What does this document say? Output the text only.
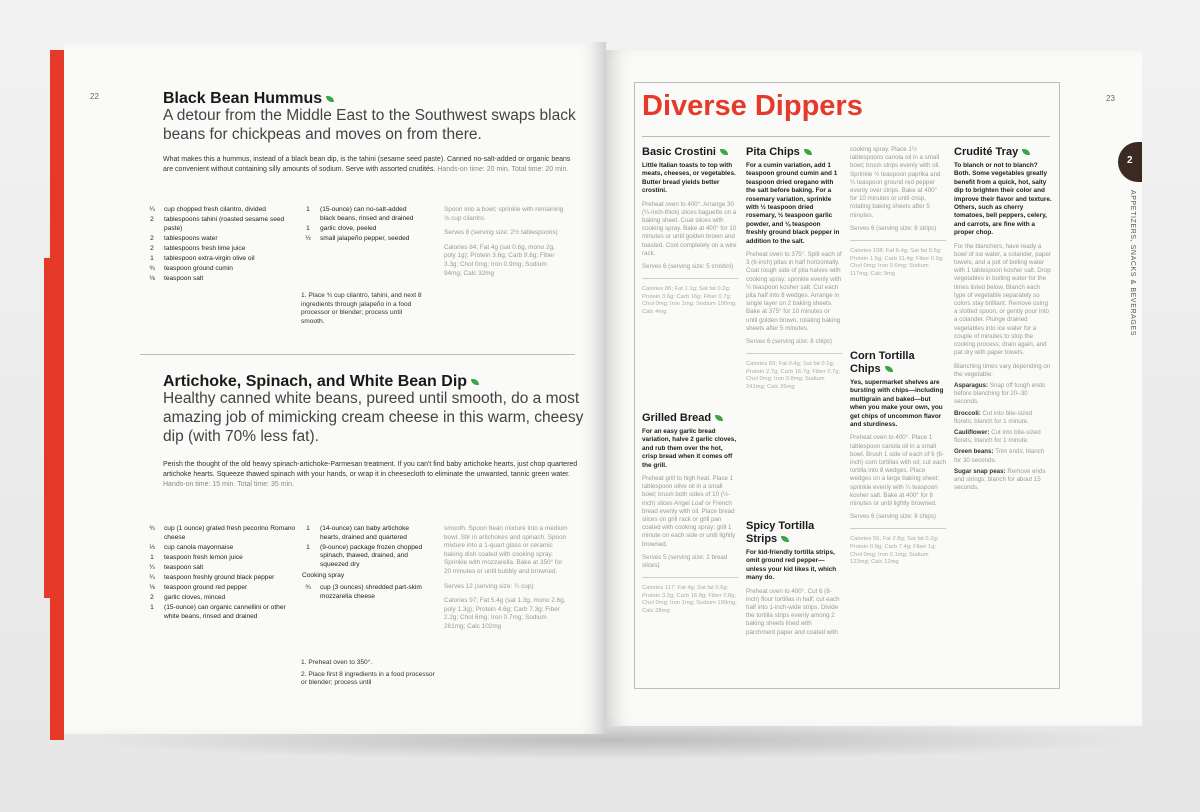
22	Black Bean Hummus
A detour from the Middle East to the Southwest swaps black beans for chickpeas and moves on from there.
What makes this a hummus, instead of a black bean dip, is the tahini (sesame seed paste). Canned no-salt-added or organic beans are convenient without containing silly amounts of sodium. Serve with assorted crudités. Hands-on time: 20 min. Total time: 20 min.
¼	cup chopped fresh cilantro, divided
2	tablespoons tahini (roasted sesame seed paste)
2	tablespoons water
2	tablespoons fresh lime juice
1	tablespoon extra-virgin olive oil
¾	teaspoon ground cumin
⅛	teaspoon salt
1	(15-ounce) can no-salt-added black beans, rinsed and drained
1	garlic clove, peeled
½	small jalapeño pepper, seeded
1. Place ¾ cup cilantro, tahini, and next 8 ingredients through jalapeño in a food processor or blender; process until smooth.

Spoon into a bowl; sprinkle with remaining ⅛ cup cilantro.

Serves 8 (serving size: 2½ tablespoons)

Calories 84; Fat 4g (sat 0.6g, mono 2g, poly 1g); Protein 3.6g; Carb 9.6g; Fiber 3.3g; Chol 0mg; Iron 0.9mg; Sodium 94mg; Calc 32mg

Artichoke, Spinach, and White Bean Dip
Healthy canned white beans, pureed until smooth, do a most amazing job of mimicking cream cheese in this warm, cheesy dip (with 70% less fat).
Perish the thought of the old heavy spinach-artichoke-Parmesan treatment. If you can't find baby artichoke hearts, just chop quartered artichoke hearts. Squeeze thawed spinach with your hands, or wrap it in cheesecloth to eliminate the unwanted, tannic green water. Hands-on time: 15 min. Total time: 35 min.
¾	cup (1 ounce) grated fresh pecorino Romano cheese
⅓	cup canola mayonnaise
1	teaspoon fresh lemon juice
¼	teaspoon salt
¼	teaspoon freshly ground black pepper
⅛	teaspoon ground red pepper
2	garlic cloves, minced
1	(15-ounce) can organic cannellini or other white beans, rinsed and drained
1	(14-ounce) can baby artichoke hearts, drained and quartered
1	(9-ounce) package frozen chopped spinach, thawed, drained, and squeezed dry
Cooking spray
¾	cup (3 ounces) shredded part-skim mozzarella cheese
1. Preheat oven to 350°.
2. Place first 8 ingredients in a food processor or blender; process until

smooth. Spoon bean mixture into a medium bowl. Stir in artichokes and spinach. Spoon mixture into a 1-quart glass or ceramic baking dish coated with cooking spray. Sprinkle with mozzarella. Bake at 350° for 20 minutes or until bubbly and browned.

Serves 12 (serving size: ¼ cup)

Calories 97; Fat 5.4g (sat 1.3g, mono 2.6g, poly 1.3g); Protein 4.6g; Carb 7.3g; Fiber 2.2g; Chol 6mg; Iron 0.7mg; Sodium 261mg; Calc 102mg

23
Diverse Dippers
Basic Crostini
Little Italian toasts to top with meats, cheeses, or vegetables. Butter bread yields better crostini.
Preheat oven to 400°. Arrange 30 (¼-inch-thick) slices baguette on a baking sheet. Coat slices with cooking spray. Bake at 400° for 10 minutes or until golden brown and toasted. Cool completely on a wire rack.
Serves 6 (serving size: 5 crostini)
Calories 86; Fat 1.1g; Sat fat 0.2g; Protein 3.6g; Carb 16g; Fiber 0.7g; Chol 0mg; Iron 1mg; Sodium 190mg; Calc 4mg
Grilled Bread
For an easy garlic bread variation, halve 2 garlic cloves, and rub them over the hot, crisp bread when it comes off the grill.
Preheat grill to high heat. Place 1 tablespoon olive oil in a small bowl; brush both sides of 10 (½-inch) slices Angel Loaf or French bread evenly with oil. Place bread slices on grill rack or grill pan coated with cooking spray; grill 1 minute on each side or until lightly browned.
Serves 5 (serving size: 2 bread slices)
Calories 117; Fat 4g; Sat fat 0.6g; Protein 3.2g; Carb 16.8g; Fiber 0.8g; Chol 0mg; Iron 1mg; Sodium 199mg; Calc 28mg
Pita Chips
For a cumin variation, add 1 teaspoon ground cumin and 1 teaspoon dried oregano with the salt before baking. For a rosemary variation, sprinkle with ½ teaspoon dried rosemary, ½ teaspoon garlic powder, and ⅛ teaspoon freshly ground black pepper in addition to the salt.
Preheat oven to 375°. Split each of 3 (6-inch) pitas in half horizontally. Coat rough side of pita halves with cooking spray; sprinkle evenly with ¼ teaspoon kosher salt. Cut each pita half into 8 wedges. Arrange in single layer on 2 baking sheets. Bake at 375° for 10 minutes or until golden brown, rotating baking sheets after 5 minutes.
Serves 6 (serving size: 8 chips)
Calories 83; Fat 0.4g; Sat fat 0.1g; Protein 2.7g; Carb 16.7g; Fiber 0.7g; Chol 0mg; Iron 0.8mg; Sodium 241mg; Calc 26mg
Spicy Tortilla Strips
For kid-friendly tortilla strips, omit ground red pepper—unless your kid likes it, which many do.
Preheat oven to 400°. Cut 6 (8-inch) flour tortillas in half; cut each half into 1-inch-wide strips. Divide the tortilla strips evenly among 2 baking sheets lined with parchment paper and coated with
cooking spray. Place 1½ tablespoons canola oil in a small bowl; brush strips evenly with oil. Sprinkle ½ teaspoon paprika and ¼ teaspoon ground red pepper evenly over strips. Bake at 400° for 10 minutes or until crisp, rotating baking sheets after 5 minutes.
Serves 6 (serving size: 8 strips)
Calories 108; Fat 6.4g; Sat fat 0.5g; Protein 1.5g; Carb 11.4g; Fiber 0.9g; Chol 0mg; Iron 0.6mg; Sodium 117mg; Calc 9mg
Corn Tortilla Chips
Yes, supermarket shelves are bursting with chips—including multigrain and baked—but when you make your own, you get chips of uncommon flavor and sturdiness.
Preheat oven to 400°. Place 1 tablespoon canola oil in a small bowl. Brush 1 side of each of 6 (6-inch) corn tortillas with oil; cut each tortilla into 8 wedges. Place wedges on a large baking sheet; sprinkle evenly with ¼ teaspoon kosher salt. Bake at 400° for 8 minutes or until lightly browned.
Serves 6 (serving size: 8 chips)
Calories 56; Fat 2.8g; Sat fat 0.2g; Protein 0.9g; Carb 7.4g; Fiber 1g; Chol 0mg; Iron 0.1mg; Sodium 123mg; Calc 12mg
Crudité Tray
To blanch or not to blanch? Both. Some vegetables greatly benefit from a quick, hot, salty dip to brighten their color and improve their flavor and texture. Others, such as cherry tomatoes, bell peppers, celery, and carrots, are fine with a proper chop.
For the blanchers, have ready a bowl of ice water, a colander, paper towels, and a pot of boiling water with 1 tablespoon kosher salt. Drop vegetables in boiling water for the times listed below. Blanch each type of vegetable separately so colors stay brilliant. Remove using a slotted spoon, or gently pour into a colander. Plunge drained vegetables into ice water for a couple of minutes to stop the cooking process; drain again, and pat dry with paper towels.
Blanching times vary depending on the vegetable:
Asparagus: Snap off tough ends before blanching for 20–30 seconds.
Broccoli: Cut into bite-sized florets; blanch for 1 minute.
Cauliflower: Cut into bite-sized florets; blanch for 1 minute.
Green beans: Trim ends; blanch for 30 seconds.
Sugar snap peas: Remove ends and strings; blanch for about 15 seconds.
2
APPETIZERS, SNACKS & BEVERAGES
